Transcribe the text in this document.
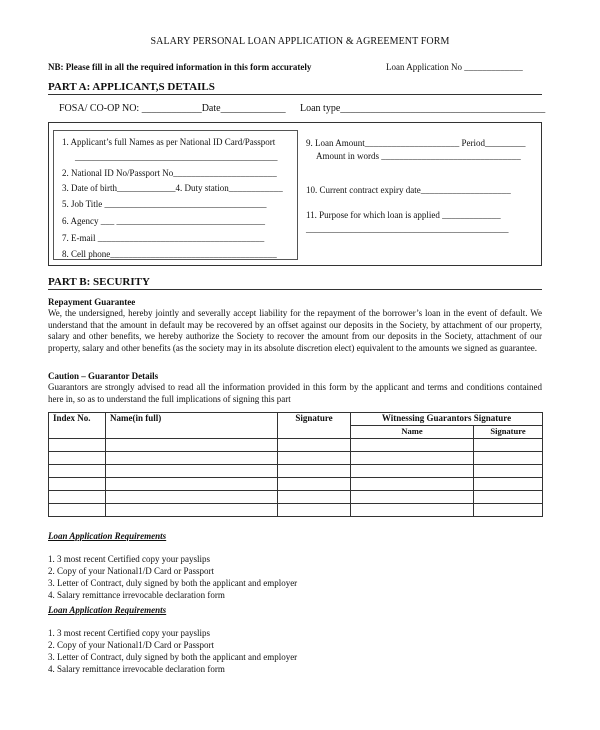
SALARY PERSONAL LOAN APPLICATION & AGREEMENT FORM
NB: Please fill in all the required information in this form accurately	Loan Application No _____________
PART A: APPLICANT,S DETAILS
FOSA/ CO-OP NO: ____________Date_____________ Loan type_________________________________________
1. Applicant’s full Names as per National ID Card/Passport
_____________________________________________
2. National ID No/Passport No_______________________
3. Date of birth_____________4. Duty station____________
5. Job Title ____________________________________
6. Agency ___ _________________________________
7. E-mail _____________________________________
8. Cell phone_____________________________________
9. Loan Amount_____________________ Period_________
Amount in words _______________________________
10. Current contract expiry date____________________
11. Purpose for which loan is applied _____________
_____________________________________________
PART B: SECURITY
Repayment Guarantee
We, the undersigned, hereby jointly and severally accept liability for the repayment of the borrower’s loan in the event of default. We understand that the amount in default may be recovered by an offset against our deposits in the Society, by attachment of our property, salary and other benefits, we hereby authorize the Society to recover the amount from our deposits in the Society, attachment of our property, salary and other benefits (as the society may in its absolute discretion elect) equivalent to the amounts we signed as guarantee.
Caution – Guarantor Details
Guarantors are strongly advised to read all the information provided in this form by the applicant and terms and conditions contained here in, so as to understand the full implications of signing this part
Index No.	Name(in full)	Signature	Witnessing Guarantors Signature	
			Name	Signature

Loan Application Requirements
1. 3 most recent Certified copy your payslips
2. Copy of your National1/D Card or Passport
3. Letter of Contract, duly signed by both the applicant and employer
4. Salary remittance irrevocable declaration form
Loan Application Requirements
1. 3 most recent Certified copy your payslips
2. Copy of your National1/D Card or Passport
3. Letter of Contract, duly signed by both the applicant and employer
4. Salary remittance irrevocable declaration form
